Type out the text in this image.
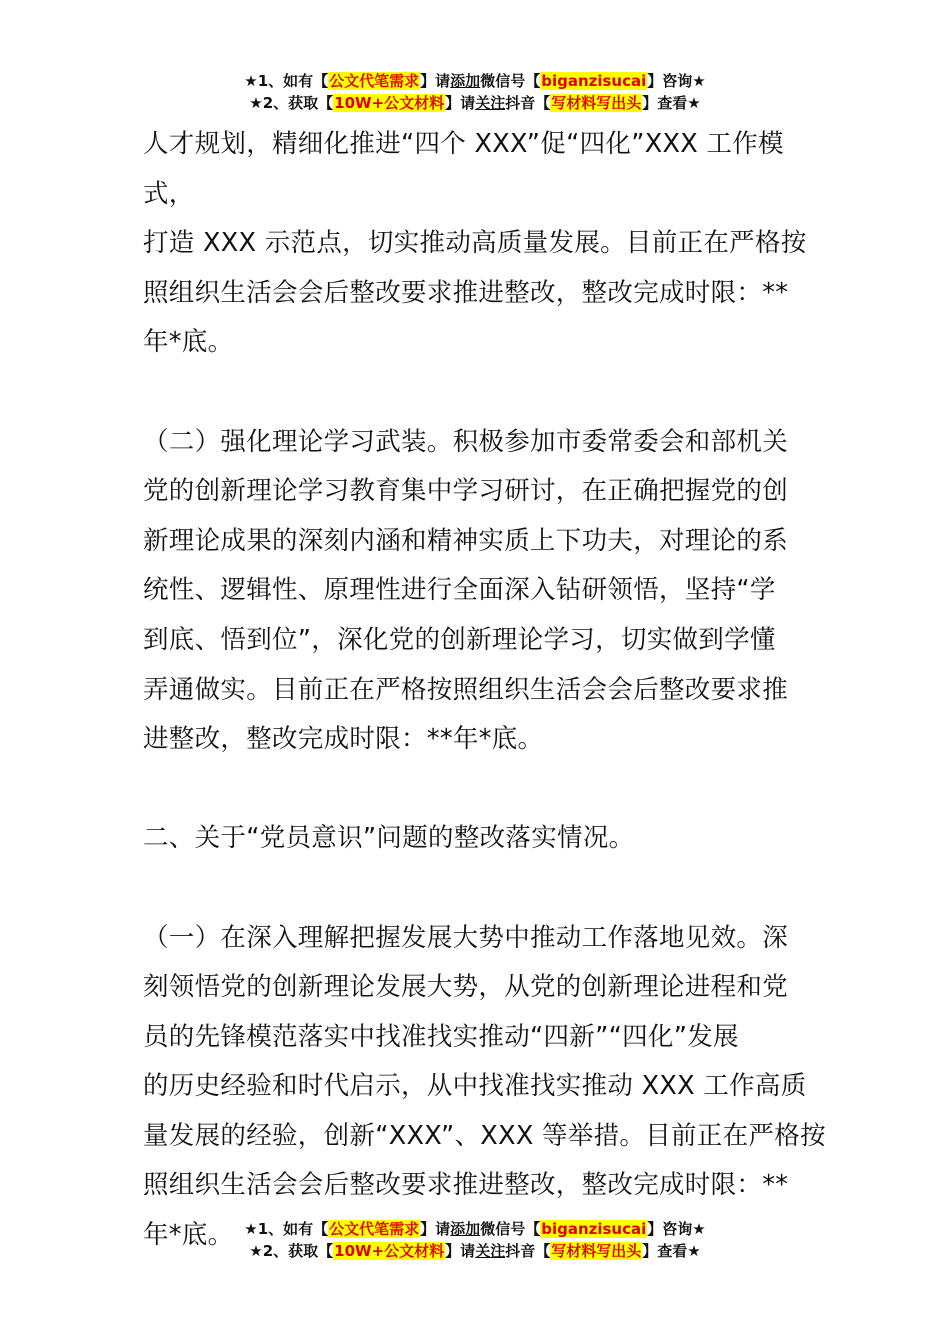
★1、如有【公文代笔需求】请添加微信号【biganzisucai】咨询★
★2、获取【10W+公文材料】请关注抖音【写材料写出头】查看★
人才规划，精细化推进“四个 XXX”促“四化”XXX 工作模式，
打造 XXX 示范点，切实推动高质量发展。目前正在严格按
照组织生活会会后整改要求推进整改，整改完成时限：**
年*底。
（二）强化理论学习武装。积极参加市委常委会和部机关
党的创新理论学习教育集中学习研讨，在正确把握党的创
新理论成果的深刻内涵和精神实质上下功夫，对理论的系
统性、逻辑性、原理性进行全面深入钻研领悟，坚持“学
到底、悟到位”，深化党的创新理论学习，切实做到学懂
弄通做实。目前正在严格按照组织生活会会后整改要求推
进整改，整改完成时限：**年*底。
二、关于“党员意识”问题的整改落实情况。
（一）在深入理解把握发展大势中推动工作落地见效。深
刻领悟党的创新理论发展大势，从党的创新理论进程和党
员的先锋模范落实中找准找实推动“四新”“四化”发展
的历史经验和时代启示，从中找准找实推动 XXX 工作高质
量发展的经验，创新“XXX”、XXX 等举措。目前正在严格按
照组织生活会会后整改要求推进整改，整改完成时限：**
年*底。 ★1、如有【公文代笔需求】请添加微信号【biganzisucai】咨询★
★2、获取【10W+公文材料】请关注抖音【写材料写出头】查看★
